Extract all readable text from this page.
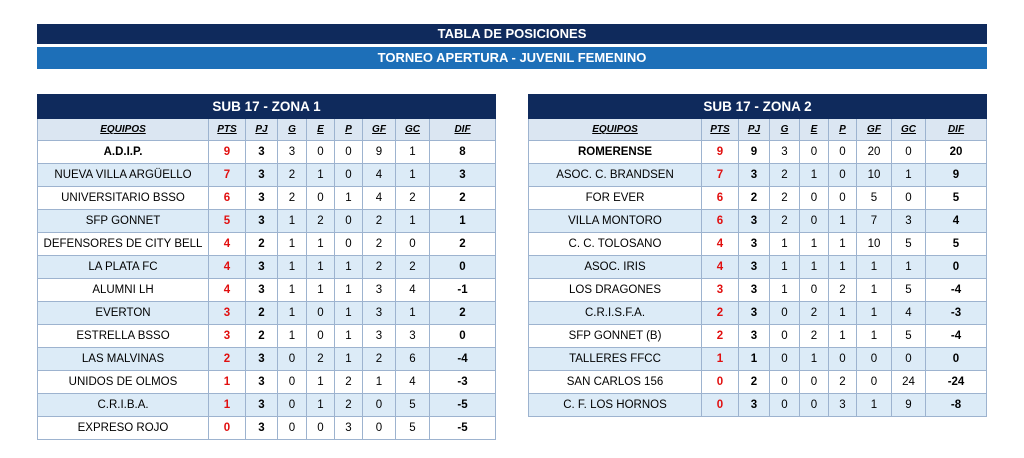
TABLA DE POSICIONES
TORNEO APERTURA - JUVENIL FEMENINO
SUB 17 - ZONA 1								
EQUIPOS	PTS	PJ	G	E	P	GF	GC	DIF
A.D.I.P.	9	3	3	0	0	9	1	8
NUEVA VILLA ARGÜELLO	7	3	2	1	0	4	1	3
UNIVERSITARIO BSSO	6	3	2	0	1	4	2	2
SFP GONNET	5	3	1	2	0	2	1	1
DEFENSORES DE CITY BELL	4	2	1	1	0	2	0	2
LA PLATA FC	4	3	1	1	1	2	2	0
ALUMNI LH	4	3	1	1	1	3	4	-1
EVERTON	3	2	1	0	1	3	1	2
ESTRELLA BSSO	3	2	1	0	1	3	3	0
LAS MALVINAS	2	3	0	2	1	2	6	-4
UNIDOS DE OLMOS	1	3	0	1	2	1	4	-3
C.R.I.B.A.	1	3	0	1	2	0	5	-5
EXPRESO ROJO	0	3	0	0	3	0	5	-5
SUB 17 - ZONA 2								
EQUIPOS	PTS	PJ	G	E	P	GF	GC	DIF
ROMERENSE	9	9	3	0	0	20	0	20
ASOC. C. BRANDSEN	7	3	2	1	0	10	1	9
FOR EVER	6	2	2	0	0	5	0	5
VILLA MONTORO	6	3	2	0	1	7	3	4
C. C. TOLOSANO	4	3	1	1	1	10	5	5
ASOC. IRIS	4	3	1	1	1	1	1	0
LOS DRAGONES	3	3	1	0	2	1	5	-4
C.R.I.S.F.A.	2	3	0	2	1	1	4	-3
SFP GONNET (B)	2	3	0	2	1	1	5	-4
TALLERES FFCC	1	1	0	1	0	0	0	0
SAN CARLOS 156	0	2	0	0	2	0	24	-24
C. F. LOS HORNOS	0	3	0	0	3	1	9	-8
